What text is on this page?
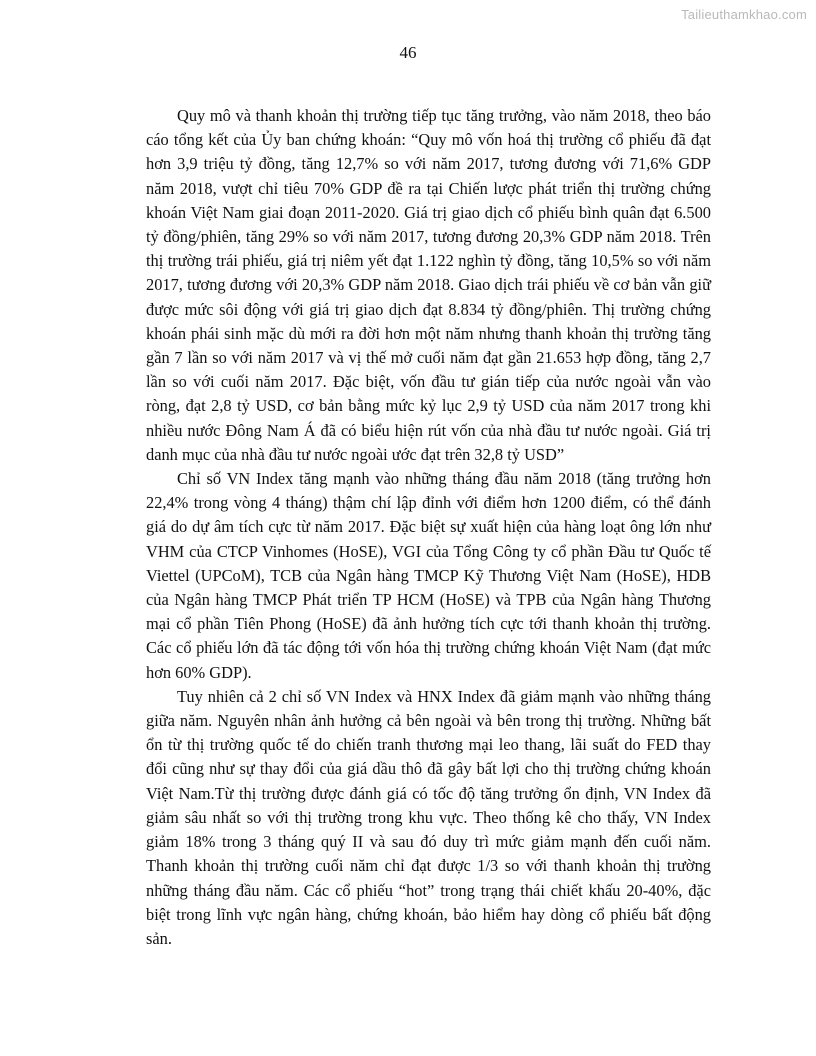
Tailieuthamkhao.com
46

Quy mô và thanh khoản thị trường tiếp tục tăng trưởng, vào năm 2018, theo báo cáo tổng kết của Ủy ban chứng khoán: “Quy mô vốn hoá thị trường cổ phiếu đã đạt hơn 3,9 triệu tỷ đồng, tăng 12,7% so với năm 2017, tương đương với 71,6% GDP năm 2018, vượt chỉ tiêu 70% GDP đề ra tại Chiến lược phát triển thị trường chứng khoán Việt Nam giai đoạn 2011-2020. Giá trị giao dịch cổ phiếu bình quân đạt 6.500 tỷ đồng/phiên, tăng 29% so với năm 2017, tương đương 20,3% GDP năm 2018. Trên thị trường trái phiếu, giá trị niêm yết đạt 1.122 nghìn tỷ đồng, tăng 10,5% so với năm 2017, tương đương với 20,3% GDP năm 2018. Giao dịch trái phiếu về cơ bản vẫn giữ được mức sôi động với giá trị giao dịch đạt 8.834 tỷ đồng/phiên. Thị trường chứng khoán phái sinh mặc dù mới ra đời hơn một năm nhưng thanh khoản thị trường tăng gần 7 lần so với năm 2017 và vị thế mở cuối năm đạt gần 21.653 hợp đồng, tăng 2,7 lần so với cuối năm 2017. Đặc biệt, vốn đầu tư gián tiếp của nước ngoài vẫn vào ròng, đạt 2,8 tỷ USD, cơ bản bằng mức kỷ lục 2,9 tỷ USD của năm 2017 trong khi nhiều nước Đông Nam Á đã có biểu hiện rút vốn của nhà đầu tư nước ngoài. Giá trị danh mục của nhà đầu tư nước ngoài ước đạt trên 32,8 tỷ USD”

Chỉ số VN Index tăng mạnh vào những tháng đầu năm 2018 (tăng trưởng hơn 22,4% trong vòng 4 tháng) thậm chí lập đỉnh với điểm hơn 1200 điểm, có thể đánh giá do dự âm tích cực từ năm 2017. Đặc biệt sự xuất hiện của hàng loạt ông lớn như VHM của CTCP Vinhomes (HoSE), VGI của Tổng Công ty cổ phần Đầu tư Quốc tế Viettel (UPCoM), TCB của Ngân hàng TMCP Kỹ Thương Việt Nam (HoSE), HDB của Ngân hàng TMCP Phát triển TP HCM (HoSE) và TPB của Ngân hàng Thương mại cổ phần Tiên Phong (HoSE) đã ảnh hưởng tích cực tới thanh khoản thị trường. Các cổ phiếu lớn đã tác động tới vốn hóa thị trường chứng khoán Việt Nam (đạt mức hơn 60% GDP).

Tuy nhiên cả 2 chỉ số VN Index và HNX Index đã giảm mạnh vào những tháng giữa năm. Nguyên nhân ảnh hưởng cả bên ngoài và bên trong thị trường. Những bất ổn từ thị trường quốc tế do chiến tranh thương mại leo thang, lãi suất do FED thay đổi cũng như sự thay đổi của giá dầu thô đã gây bất lợi cho thị trường chứng khoán Việt Nam.Từ thị trường được đánh giá có tốc độ tăng trưởng ổn định, VN Index đã giảm sâu nhất so với thị trường trong khu vực. Theo thống kê cho thấy, VN Index giảm 18% trong 3 tháng quý II và sau đó duy trì mức giảm mạnh đến cuối năm. Thanh khoản thị trường cuối năm chỉ đạt được 1/3 so với thanh khoản thị trường những tháng đầu năm. Các cổ phiếu “hot” trong trạng thái chiết khấu 20-40%, đặc biệt trong lĩnh vực ngân hàng, chứng khoán, bảo hiểm hay dòng cổ phiếu bất động sản.
